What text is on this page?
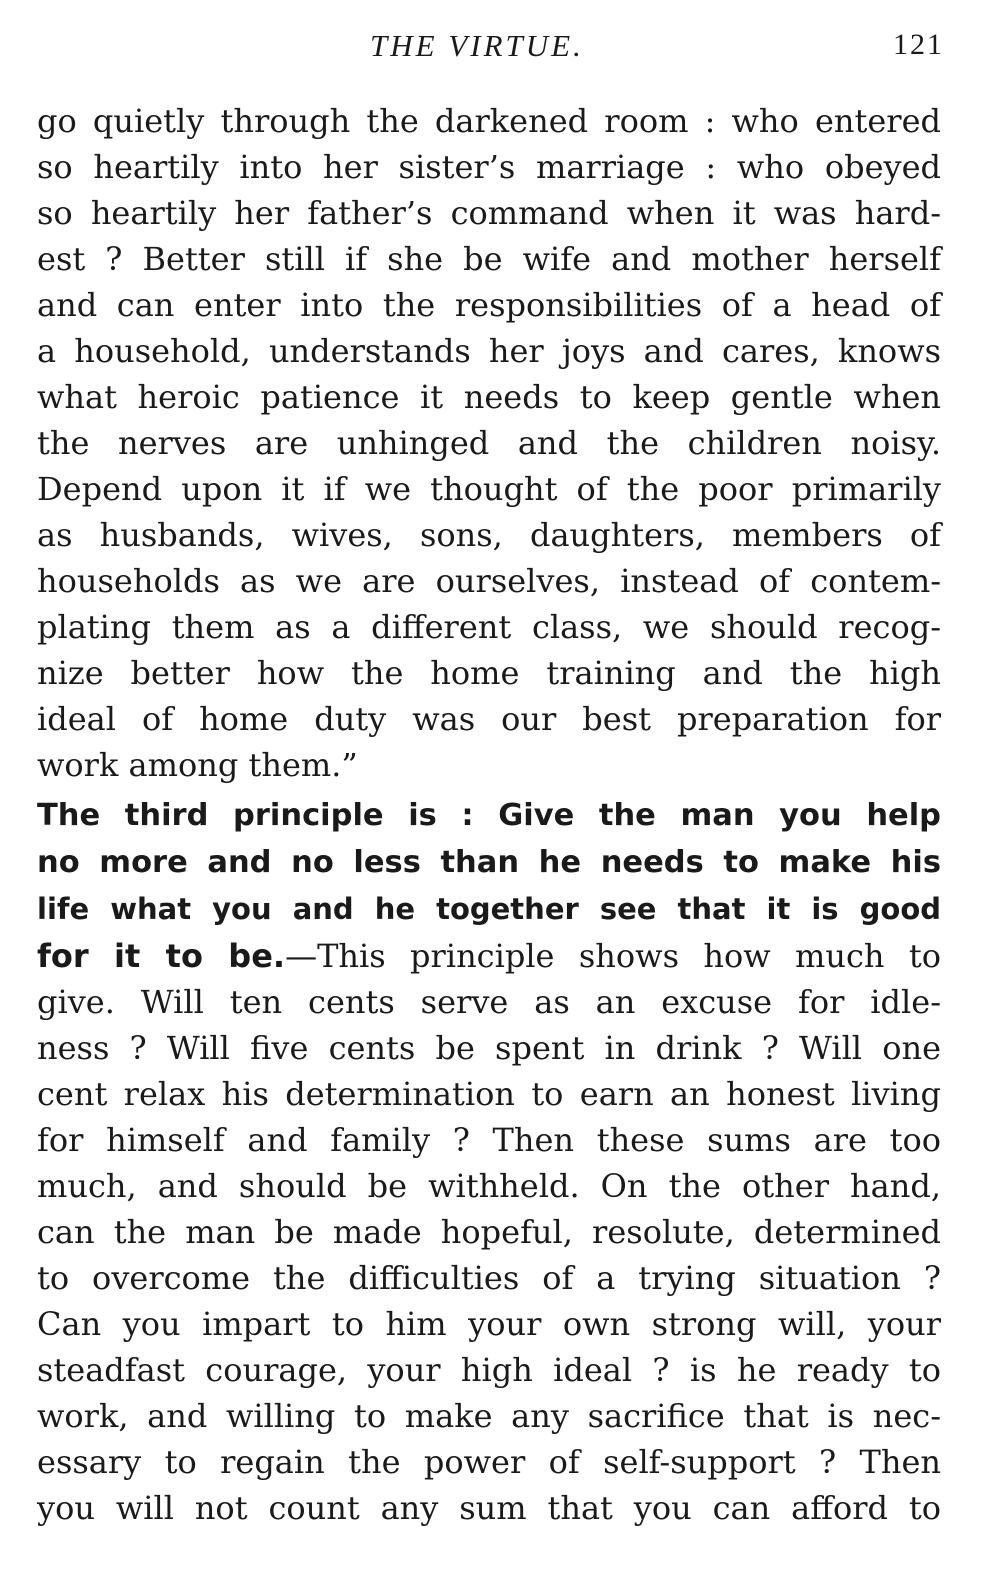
THE VIRTUE.	121
go quietly through the darkened room : who entered
so heartily into her sister’s marriage : who obeyed
so heartily her father’s command when it was hard-
est ? Better still if she be wife and mother herself
and can enter into the responsibilities of a head of
a household, understands her joys and cares, knows
what heroic patience it needs to keep gentle when
the nerves are unhinged and the children noisy.
Depend upon it if we thought of the poor primarily
as husbands, wives, sons, daughters, members of
households as we are ourselves, instead of contem-
plating them as a different class, we should recog-
nize better how the home training and the high
ideal of home duty was our best preparation for
work among them.”
The third principle is : Give the man you help
no more and no less than he needs to make his
life what you and he together see that it is good
for it to be.—This principle shows how much to
give. Will ten cents serve as an excuse for idle-
ness ? Will five cents be spent in drink ? Will one
cent relax his determination to earn an honest living
for himself and family ? Then these sums are too
much, and should be withheld. On the other hand,
can the man be made hopeful, resolute, determined
to overcome the difficulties of a trying situation ?
Can you impart to him your own strong will, your
steadfast courage, your high ideal ? is he ready to
work, and willing to make any sacrifice that is nec-
essary to regain the power of self-support ? Then
you will not count any sum that you can afford to
